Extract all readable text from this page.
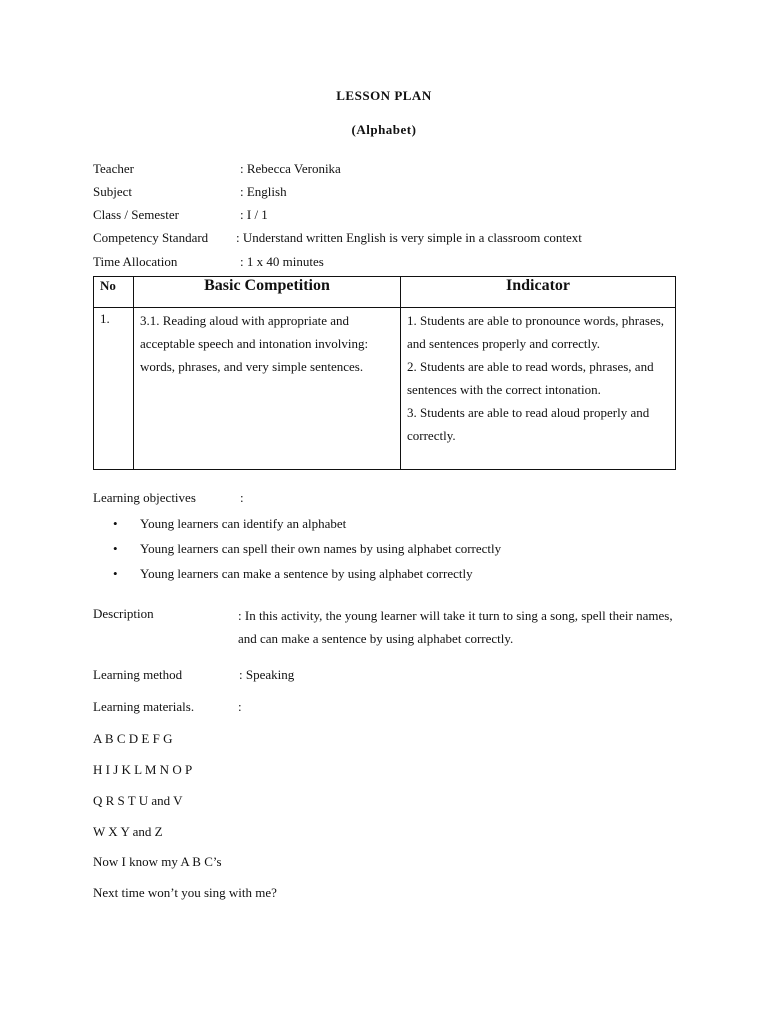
LESSON PLAN
(Alphabet)
Teacher	: Rebecca Veronika
Subject	: English
Class / Semester	: I / 1
Competency Standard : Understand written English is very simple in a classroom context
Time Allocation	: 1 x 40 minutes
No	Basic Competition	Indicator
1.	3.1. Reading aloud with appropriate and acceptable speech and intonation involving: words, phrases, and very simple sentences.	1. Students are able to pronounce words, phrases, and sentences properly and correctly.
2. Students are able to read words, phrases, and sentences with the correct intonation.
3. Students are able to read aloud properly and correctly.
Learning objectives	:
• Young learners can identify an alphabet
• Young learners can spell their own names by using alphabet correctly
• Young learners can make a sentence by using alphabet correctly
Description	: In this activity, the young learner will take it turn to sing a song, spell their names, and can make a sentence by using alphabet correctly.
Learning method	: Speaking
Learning materials.	:
A B C D E F G
H I J K L M N O P
Q R S T U and V
W X Y and Z
Now I know my A B C’s
Next time won’t you sing with me?
